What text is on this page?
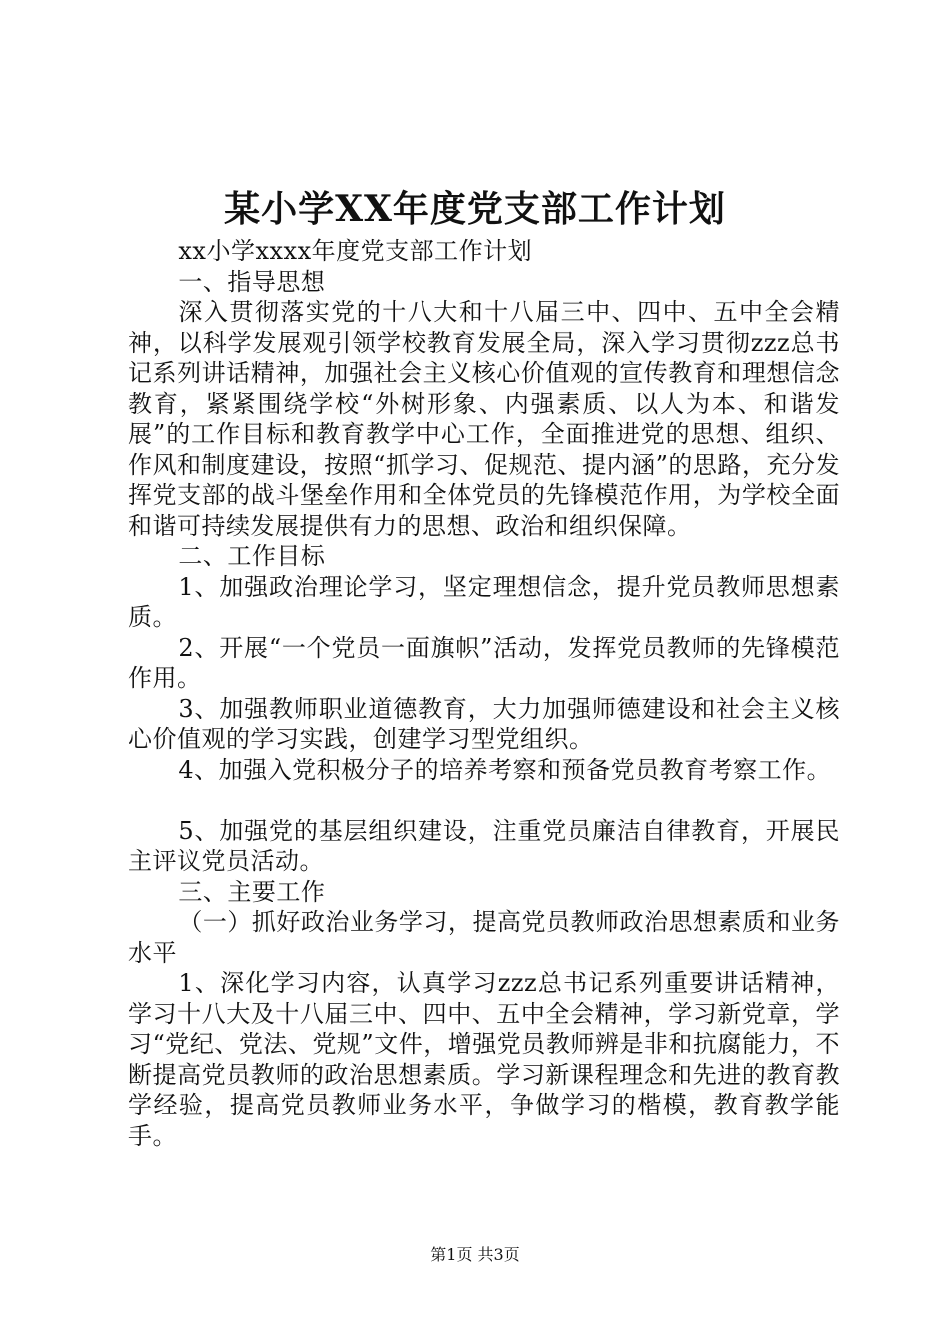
某小学XX年度党支部工作计划

xx小学xxxx年度党支部工作计划

一、指导思想

深入贯彻落实党的十八大和十八届三中、四中、五中全会精神，以科学发展观引领学校教育发展全局，深入学习贯彻zzz总书记系列讲话精神，加强社会主义核心价值观的宣传教育和理想信念教育，紧紧围绕学校“外树形象、内强素质、以人为本、和谐发展”的工作目标和教育教学中心工作，全面推进党的思想、组织、作风和制度建设，按照“抓学习、促规范、提内涵”的思路，充分发挥党支部的战斗堡垒作用和全体党员的先锋模范作用，为学校全面和谐可持续发展提供有力的思想、政治和组织保障。

二、工作目标

1、加强政治理论学习，坚定理想信念，提升党员教师思想素质。

2、开展“一个党员一面旗帜”活动，发挥党员教师的先锋模范作用。

3、加强教师职业道德教育，大力加强师德建设和社会主义核心价值观的学习实践，创建学习型党组织。

4、加强入党积极分子的培养考察和预备党员教育考察工作。

5、加强党的基层组织建设，注重党员廉洁自律教育，开展民主评议党员活动。

三、主要工作

（一）抓好政治业务学习，提高党员教师政治思想素质和业务水平

1、深化学习内容，认真学习zzz总书记系列重要讲话精神，学习十八大及十八届三中、四中、五中全会精神，学习新党章，学习“党纪、党法、党规”文件，增强党员教师辨是非和抗腐能力，不断提高党员教师的政治思想素质。学习新课程理念和先进的教育教学经验，提高党员教师业务水平，争做学习的楷模，教育教学能手。

第1页 共3页
